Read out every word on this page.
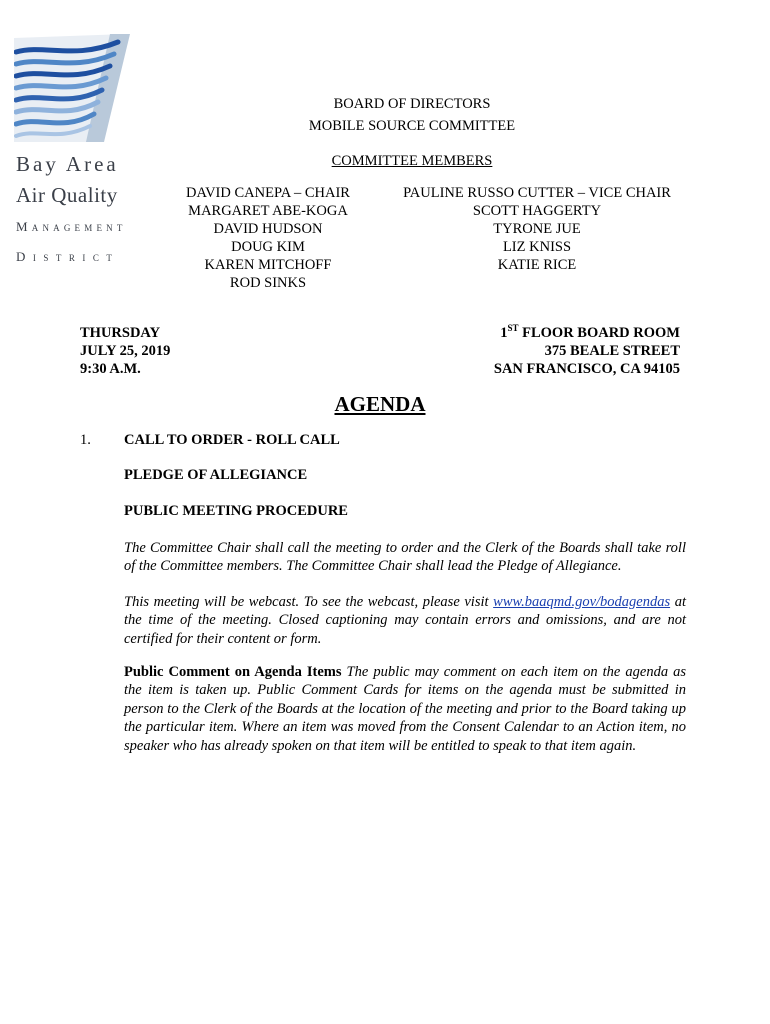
Bay Area
Air Quality
Management
District
BOARD OF DIRECTORS
MOBILE SOURCE COMMITTEE
COMMITTEE MEMBERS
DAVID CANEPA – CHAIR
MARGARET ABE-KOGA
DAVID HUDSON
DOUG KIM
KAREN MITCHOFF
ROD SINKS
PAULINE RUSSO CUTTER – VICE CHAIR
SCOTT HAGGERTY
TYRONE JUE
LIZ KNISS
KATIE RICE
THURSDAY
JULY 25, 2019
9:30 A.M.
1ST FLOOR BOARD ROOM
375 BEALE STREET
SAN FRANCISCO, CA 94105
AGENDA
1. CALL TO ORDER - ROLL CALL
PLEDGE OF ALLEGIANCE
PUBLIC MEETING PROCEDURE
The Committee Chair shall call the meeting to order and the Clerk of the Boards shall take roll of the Committee members. The Committee Chair shall lead the Pledge of Allegiance.
This meeting will be webcast. To see the webcast, please visit www.baaqmd.gov/bodagendas at the time of the meeting. Closed captioning may contain errors and omissions, and are not certified for their content or form.
Public Comment on Agenda Items The public may comment on each item on the agenda as the item is taken up. Public Comment Cards for items on the agenda must be submitted in person to the Clerk of the Boards at the location of the meeting and prior to the Board taking up the particular item. Where an item was moved from the Consent Calendar to an Action item, no speaker who has already spoken on that item will be entitled to speak to that item again.
